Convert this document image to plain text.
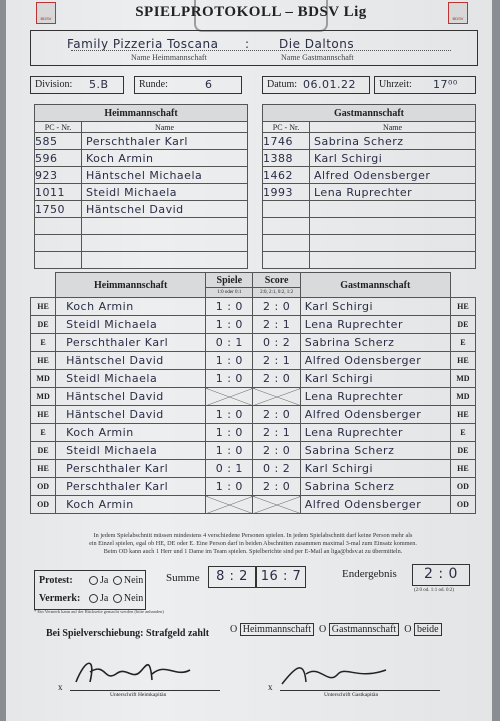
BDSV	BDSV
SPIELPROTOKOLL – BDSV Lig
Family Pizzeria Toscana : Die Daltons
Name Heimmannschaft	Name Gastmannschaft
Division: 5.B	Runde:	6	Datum: 06.01.22 Uhrzeit: 17⁰⁰
Heimmannschaft	
PC - Nr.	Name
585	Perschthaler Karl
596	Koch Armin
923	Häntschel Michaela
1011	Steidl Michaela
1750	Häntschel David

Gastmannschaft	
PC - Nr.	Name
1746	Sabrina Scherz
1388	Karl Schirgi
1462	Alfred Odensberger
1993	Lena Ruprechter

	Heimmannschaft	Spiele	Score	Gastmannschaft	
		1:0 oder 0:1	2:0, 2:1, 0:2, 1:2		
HE	Koch Armin	1 : 0	2 : 0	Karl Schirgi	HE
DE	Steidl Michaela	1 : 0	2 : 1	Lena Ruprechter	DE
E	Perschthaler Karl	0 : 1	0 : 2	Sabrina Scherz	E
HE	Häntschel David	1 : 0	2 : 1	Alfred Odensberger	HE
MD	Steidl Michaela	1 : 0	2 : 0	Karl Schirgi	MD
MD	Häntschel David			Lena Ruprechter	MD
HE	Häntschel David	1 : 0	2 : 0	Alfred Odensberger	HE
E	Koch Armin	1 : 0	2 : 1	Lena Ruprechter	E
DE	Steidl Michaela	1 : 0	2 : 0	Sabrina Scherz	DE
HE	Perschthaler Karl	0 : 1	0 : 2	Karl Schirgi	HE
OD	Perschthaler Karl	1 : 0	2 : 0	Sabrina Scherz	OD
OD	Koch Armin			Alfred Odensberger	OD
In jedem Spielabschnitt müssen mindestens 4 verschiedene Personen spielen. In jedem Spielabschnitt darf keine Person mehr als
ein Einzel spielen, egal ob HE, DE oder E. Eine Person darf in beiden Abschnitten zusammen maximal 3-mal zum Einsatz kommen.
Beim OD kann auch 1 Herr und 1 Dame im Team spielen. Spielberichte sind per E-Mail an liga@bdsv.at zu übermitteln.
Protest:	Ja Nein
Vermerk:	Ja Nein
* Ein Vermerk kann auf der Rückseite gemacht werden (bitte anhanden)
Summe	8 : 2 16 : 7	Endergebnis	2 : 0
(2:0 od. 1:1 od. 0:2)
Bei Spielverschiebung: Strafgeld zahlt O Heimmannschaft O Gastmannschaft O beide
x
Unterschrift Heimkapitän
x
Unterschrift Gastkapitän
